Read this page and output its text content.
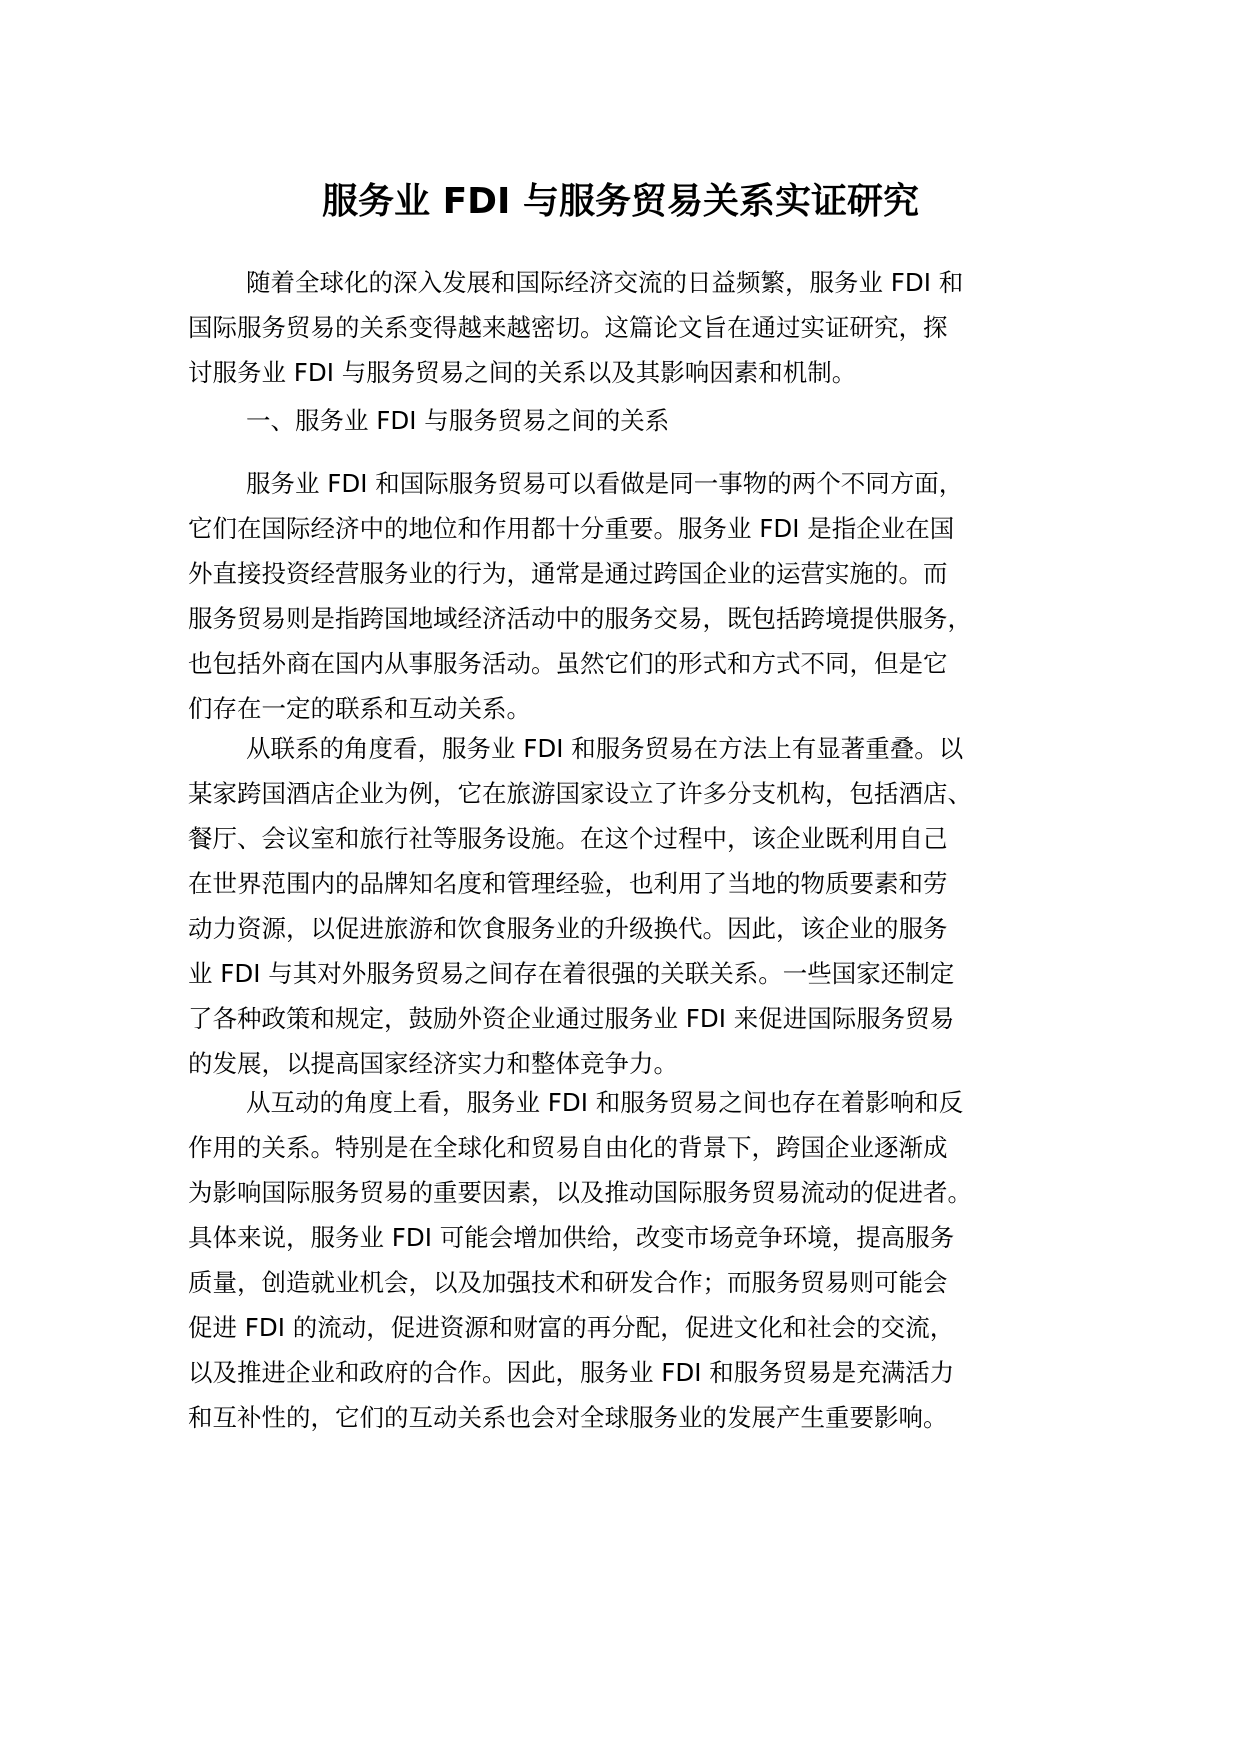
服务业 FDI 与服务贸易关系实证研究
随着全球化的深入发展和国际经济交流的日益频繁，服务业 FDI 和
国际服务贸易的关系变得越来越密切。这篇论文旨在通过实证研究，探
讨服务业 FDI 与服务贸易之间的关系以及其影响因素和机制。
一、服务业 FDI 与服务贸易之间的关系
服务业 FDI 和国际服务贸易可以看做是同一事物的两个不同方面，
它们在国际经济中的地位和作用都十分重要。服务业 FDI 是指企业在国
外直接投资经营服务业的行为，通常是通过跨国企业的运营实施的。而
服务贸易则是指跨国地域经济活动中的服务交易，既包括跨境提供服务，
也包括外商在国内从事服务活动。虽然它们的形式和方式不同，但是它
们存在一定的联系和互动关系。
从联系的角度看，服务业 FDI 和服务贸易在方法上有显著重叠。以
某家跨国酒店企业为例，它在旅游国家设立了许多分支机构，包括酒店、
餐厅、会议室和旅行社等服务设施。在这个过程中，该企业既利用自己
在世界范围内的品牌知名度和管理经验，也利用了当地的物质要素和劳
动力资源，以促进旅游和饮食服务业的升级换代。因此，该企业的服务
业 FDI 与其对外服务贸易之间存在着很强的关联关系。一些国家还制定
了各种政策和规定，鼓励外资企业通过服务业 FDI 来促进国际服务贸易
的发展，以提高国家经济实力和整体竞争力。
从互动的角度上看，服务业 FDI 和服务贸易之间也存在着影响和反
作用的关系。特别是在全球化和贸易自由化的背景下，跨国企业逐渐成
为影响国际服务贸易的重要因素，以及推动国际服务贸易流动的促进者。
具体来说，服务业 FDI 可能会增加供给，改变市场竞争环境，提高服务
质量，创造就业机会，以及加强技术和研发合作；而服务贸易则可能会
促进 FDI 的流动，促进资源和财富的再分配，促进文化和社会的交流，
以及推进企业和政府的合作。因此，服务业 FDI 和服务贸易是充满活力
和互补性的，它们的互动关系也会对全球服务业的发展产生重要影响。
